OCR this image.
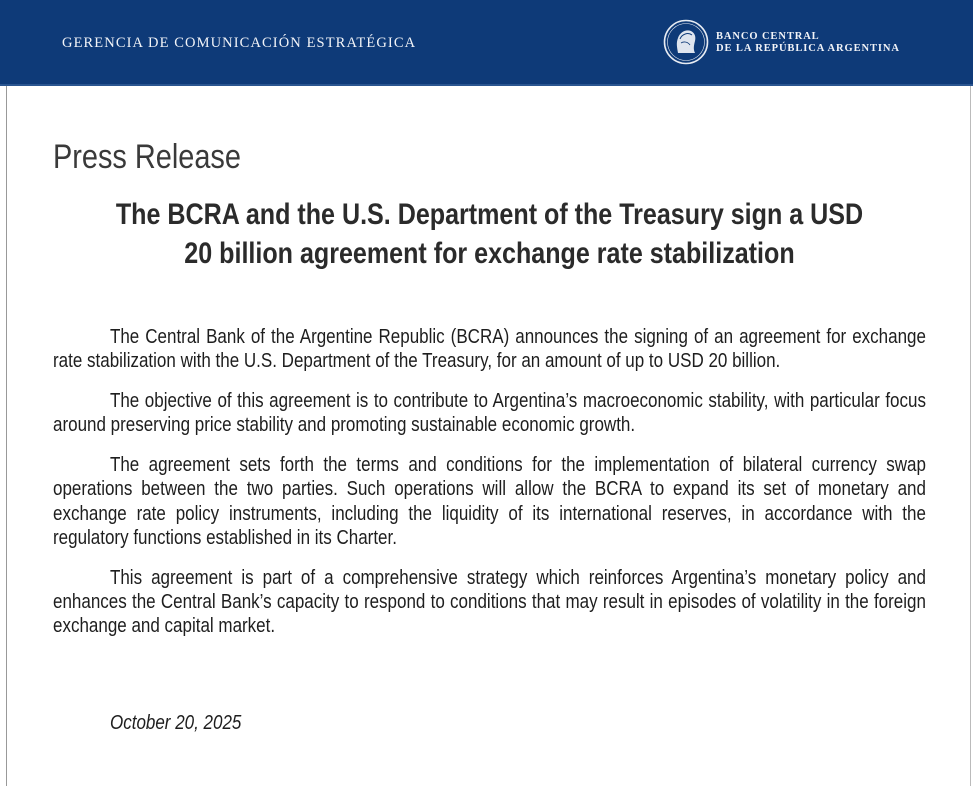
GERENCIA DE COMUNICACIÓN ESTRATÉGICA	BANCO CENTRAL
DE LA REPÚBLICA ARGENTINA
Press Release
The BCRA and the U.S. Department of the Treasury sign a USD
20 billion agreement for exchange rate stabilization

The Central Bank of the Argentine Republic (BCRA) announces the signing of an agreement for exchange rate stabilization with the U.S. Department of the Treasury, for an amount of up to USD 20 billion.

The objective of this agreement is to contribute to Argentina’s macroeconomic stability, with particular focus around preserving price stability and promoting sustainable economic growth.

The agreement sets forth the terms and conditions for the implementation of bilateral currency swap operations between the two parties. Such operations will allow the BCRA to expand its set of monetary and exchange rate policy instruments, including the liquidity of its international reserves, in accordance with the regulatory functions established in its Charter.

This agreement is part of a comprehensive strategy which reinforces Argentina’s monetary policy and enhances the Central Bank’s capacity to respond to conditions that may result in episodes of volatility in the foreign exchange and capital market.

October 20, 2025
